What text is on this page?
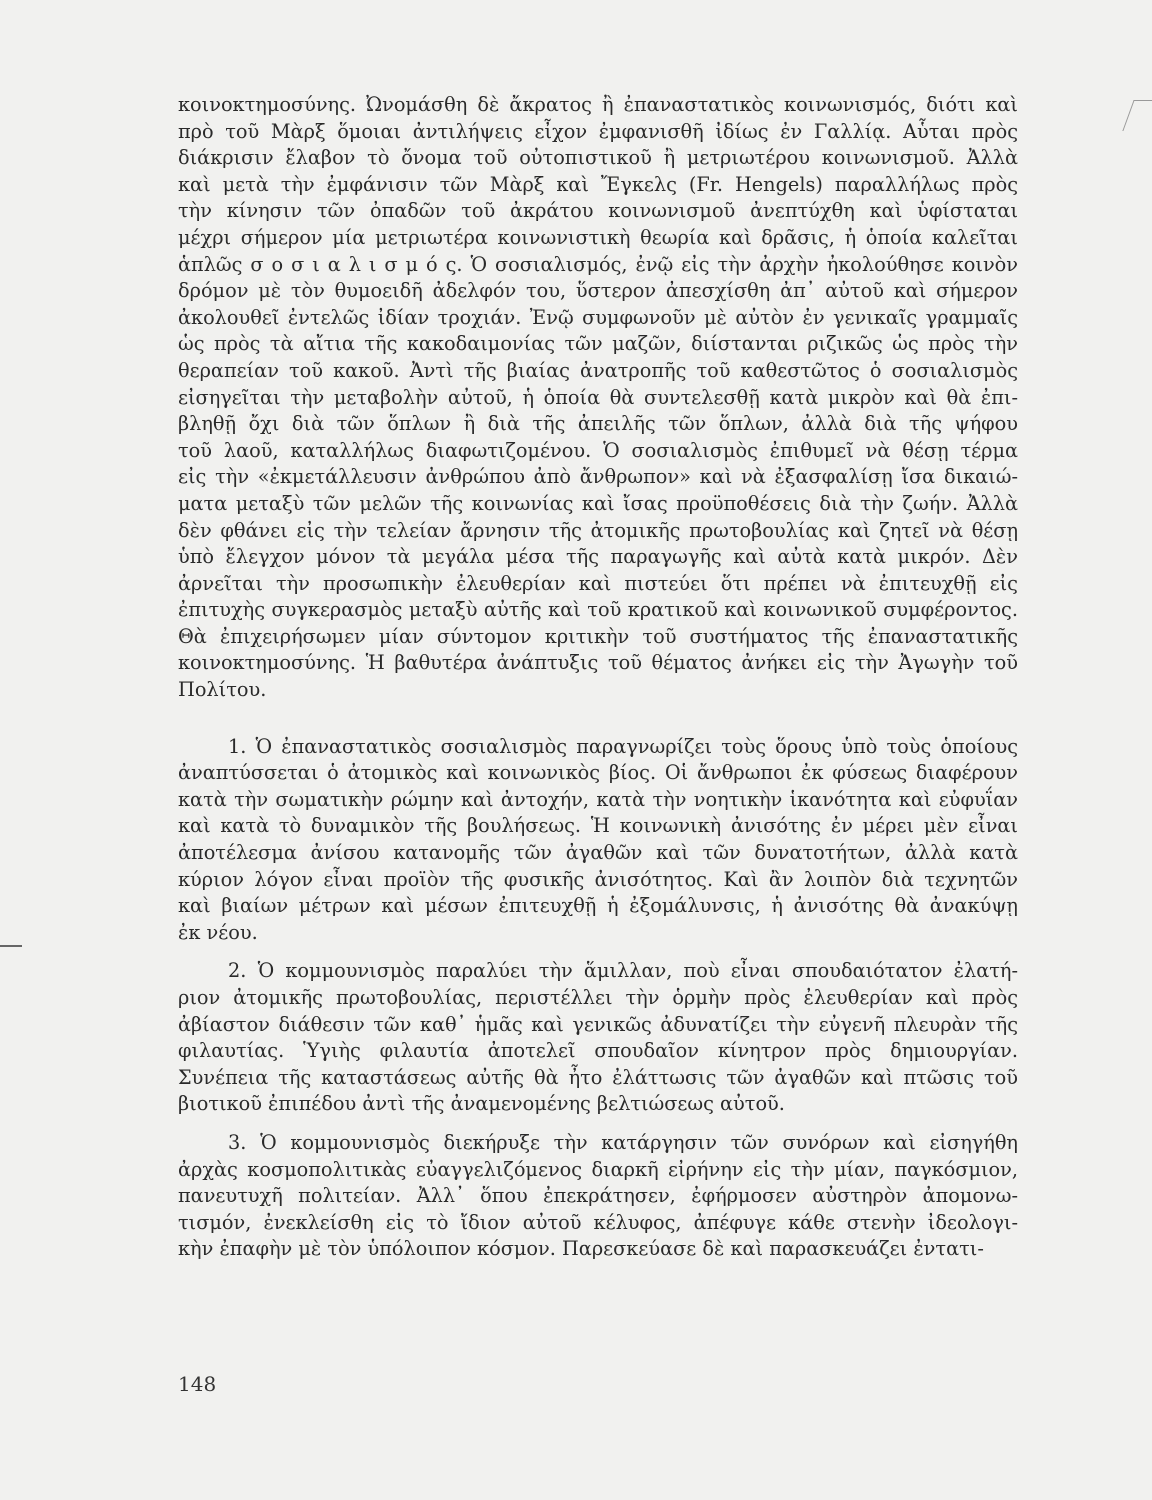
κοινοκτημοσύνης. Ὠνομάσθη δὲ ἄκρατος ἢ ἐπαναστατικὸς κοινωνισμός, διότι καὶ
πρὸ τοῦ Μὰρξ ὅμοιαι ἀντιλήψεις εἶχον ἐμφανισθῆ ἰδίως ἐν Γαλλίᾳ. Αὗται πρὸς
διάκρισιν ἔλαβον τὸ ὄνομα τοῦ οὐτοπιστικοῦ ἢ μετριωτέρου κοινωνισμοῦ. Ἀλλὰ
καὶ μετὰ τὴν ἐμφάνισιν τῶν Μὰρξ καὶ Ἔγκελς (Fr. Hengels) παραλλήλως πρὸς
τὴν κίνησιν τῶν ὀπαδῶν τοῦ ἀκράτου κοινωνισμοῦ ἀνεπτύχθη καὶ ὑφίσταται
μέχρι σήμερον μία μετριωτέρα κοινωνιστικὴ θεωρία καὶ δρᾶσις, ἡ ὁποία καλεῖται
ἁπλῶς σ ο σ ι α λ ι σ μ ό ς. Ὁ σοσιαλισμός, ἐνῷ εἰς τὴν ἀρχὴν ἠκολούθησε κοινὸν
δρόμον μὲ τὸν θυμοειδῆ ἀδελφόν του, ὕστερον ἀπεσχίσθη ἀπ᾿ αὐτοῦ καὶ σήμερον
ἀκολουθεῖ ἐντελῶς ἰδίαν τροχιάν. Ἐνῷ συμφωνοῦν μὲ αὐτὸν ἐν γενικαῖς γραμμαῖς
ὡς πρὸς τὰ αἴτια τῆς κακοδαιμονίας τῶν μαζῶν, διίστανται ριζικῶς ὡς πρὸς τὴν
θεραπείαν τοῦ κακοῦ. Ἀντὶ τῆς βιαίας ἀνατροπῆς τοῦ καθεστῶτος ὁ σοσιαλισμὸς
εἰσηγεῖται τὴν μεταβολὴν αὐτοῦ, ἡ ὁποία θὰ συντελεσθῇ κατὰ μικρὸν καὶ θὰ ἐπι-
βληθῇ ὄχι διὰ τῶν ὅπλων ἢ διὰ τῆς ἀπειλῆς τῶν ὅπλων, ἀλλὰ διὰ τῆς ψήφου
τοῦ λαοῦ, καταλλήλως διαφωτιζομένου. Ὁ σοσιαλισμὸς ἐπιθυμεῖ νὰ θέσῃ τέρμα
εἰς τὴν «ἐκμετάλλευσιν ἀνθρώπου ἀπὸ ἄνθρωπον» καὶ νὰ ἐξασφαλίσῃ ἴσα δικαιώ-
ματα μεταξὺ τῶν μελῶν τῆς κοινωνίας καὶ ἴσας προϋποθέσεις διὰ τὴν ζωήν. Ἀλλὰ
δὲν φθάνει εἰς τὴν τελείαν ἄρνησιν τῆς ἀτομικῆς πρωτοβουλίας καὶ ζητεῖ νὰ θέσῃ
ὑπὸ ἔλεγχον μόνον τὰ μεγάλα μέσα τῆς παραγωγῆς καὶ αὐτὰ κατὰ μικρόν. Δὲν
ἀρνεῖται τὴν προσωπικὴν ἐλευθερίαν καὶ πιστεύει ὅτι πρέπει νὰ ἐπιτευχθῇ εἰς
ἐπιτυχὴς συγκερασμὸς μεταξὺ αὐτῆς καὶ τοῦ κρατικοῦ καὶ κοινωνικοῦ συμφέροντος.
Θὰ ἐπιχειρήσωμεν μίαν σύντομον κριτικὴν τοῦ συστήματος τῆς ἐπαναστατικῆς
κοινοκτημοσύνης. Ἡ βαθυτέρα ἀνάπτυξις τοῦ θέματος ἀνήκει εἰς τὴν Ἀγωγὴν τοῦ
Πολίτου.
1. Ὁ ἐπαναστατικὸς σοσιαλισμὸς παραγνωρίζει τοὺς ὅρους ὑπὸ τοὺς ὁποίους
ἀναπτύσσεται ὁ ἀτομικὸς καὶ κοινωνικὸς βίος. Οἱ ἄνθρωποι ἐκ φύσεως διαφέρουν
κατὰ τὴν σωματικὴν ρώμην καὶ ἀντοχήν, κατὰ τὴν νοητικὴν ἱκανότητα καὶ εὐφυΐαν
καὶ κατὰ τὸ δυναμικὸν τῆς βουλήσεως. Ἡ κοινωνικὴ ἀνισότης ἐν μέρει μὲν εἶναι
ἀποτέλεσμα ἀνίσου κατανομῆς τῶν ἀγαθῶν καὶ τῶν δυνατοτήτων, ἀλλὰ κατὰ
κύριον λόγον εἶναι προϊὸν τῆς φυσικῆς ἀνισότητος. Καὶ ἂν λοιπὸν διὰ τεχνητῶν
καὶ βιαίων μέτρων καὶ μέσων ἐπιτευχθῇ ἡ ἐξομάλυνσις, ἡ ἀνισότης θὰ ἀνακύψῃ
ἐκ νέου.
2. Ὁ κομμουνισμὸς παραλύει τὴν ἅμιλλαν, ποὺ εἶναι σπουδαιότατον ἐλατή-
ριον ἀτομικῆς πρωτοβουλίας, περιστέλλει τὴν ὁρμὴν πρὸς ἐλευθερίαν καὶ πρὸς
ἀβίαστον διάθεσιν τῶν καθ᾿ ἡμᾶς καὶ γενικῶς ἀδυνατίζει τὴν εὐγενῆ πλευρὰν τῆς
φιλαυτίας. Ὑγιὴς φιλαυτία ἀποτελεῖ σπουδαῖον κίνητρον πρὸς δημιουργίαν.
Συνέπεια τῆς καταστάσεως αὐτῆς θὰ ἦτο ἐλάττωσις τῶν ἀγαθῶν καὶ πτῶσις τοῦ
βιοτικοῦ ἐπιπέδου ἀντὶ τῆς ἀναμενομένης βελτιώσεως αὐτοῦ.
3. Ὁ κομμουνισμὸς διεκήρυξε τὴν κατάργησιν τῶν συνόρων καὶ εἰσηγήθη
ἀρχὰς κοσμοπολιτικὰς εὐαγγελιζόμενος διαρκῆ εἰρήνην εἰς τὴν μίαν, παγκόσμιον,
πανευτυχῆ πολιτείαν. Ἀλλ᾿ ὅπου ἐπεκράτησεν, ἐφήρμοσεν αὐστηρὸν ἀπομονω-
τισμόν, ἐνεκλείσθη εἰς τὸ ἴδιον αὐτοῦ κέλυφος, ἀπέφυγε κάθε στενὴν ἰδεολογι-
κὴν ἐπαφὴν μὲ τὸν ὑπόλοιπον κόσμον. Παρεσκεύασε δὲ καὶ παρασκευάζει ἐντατι-
148
